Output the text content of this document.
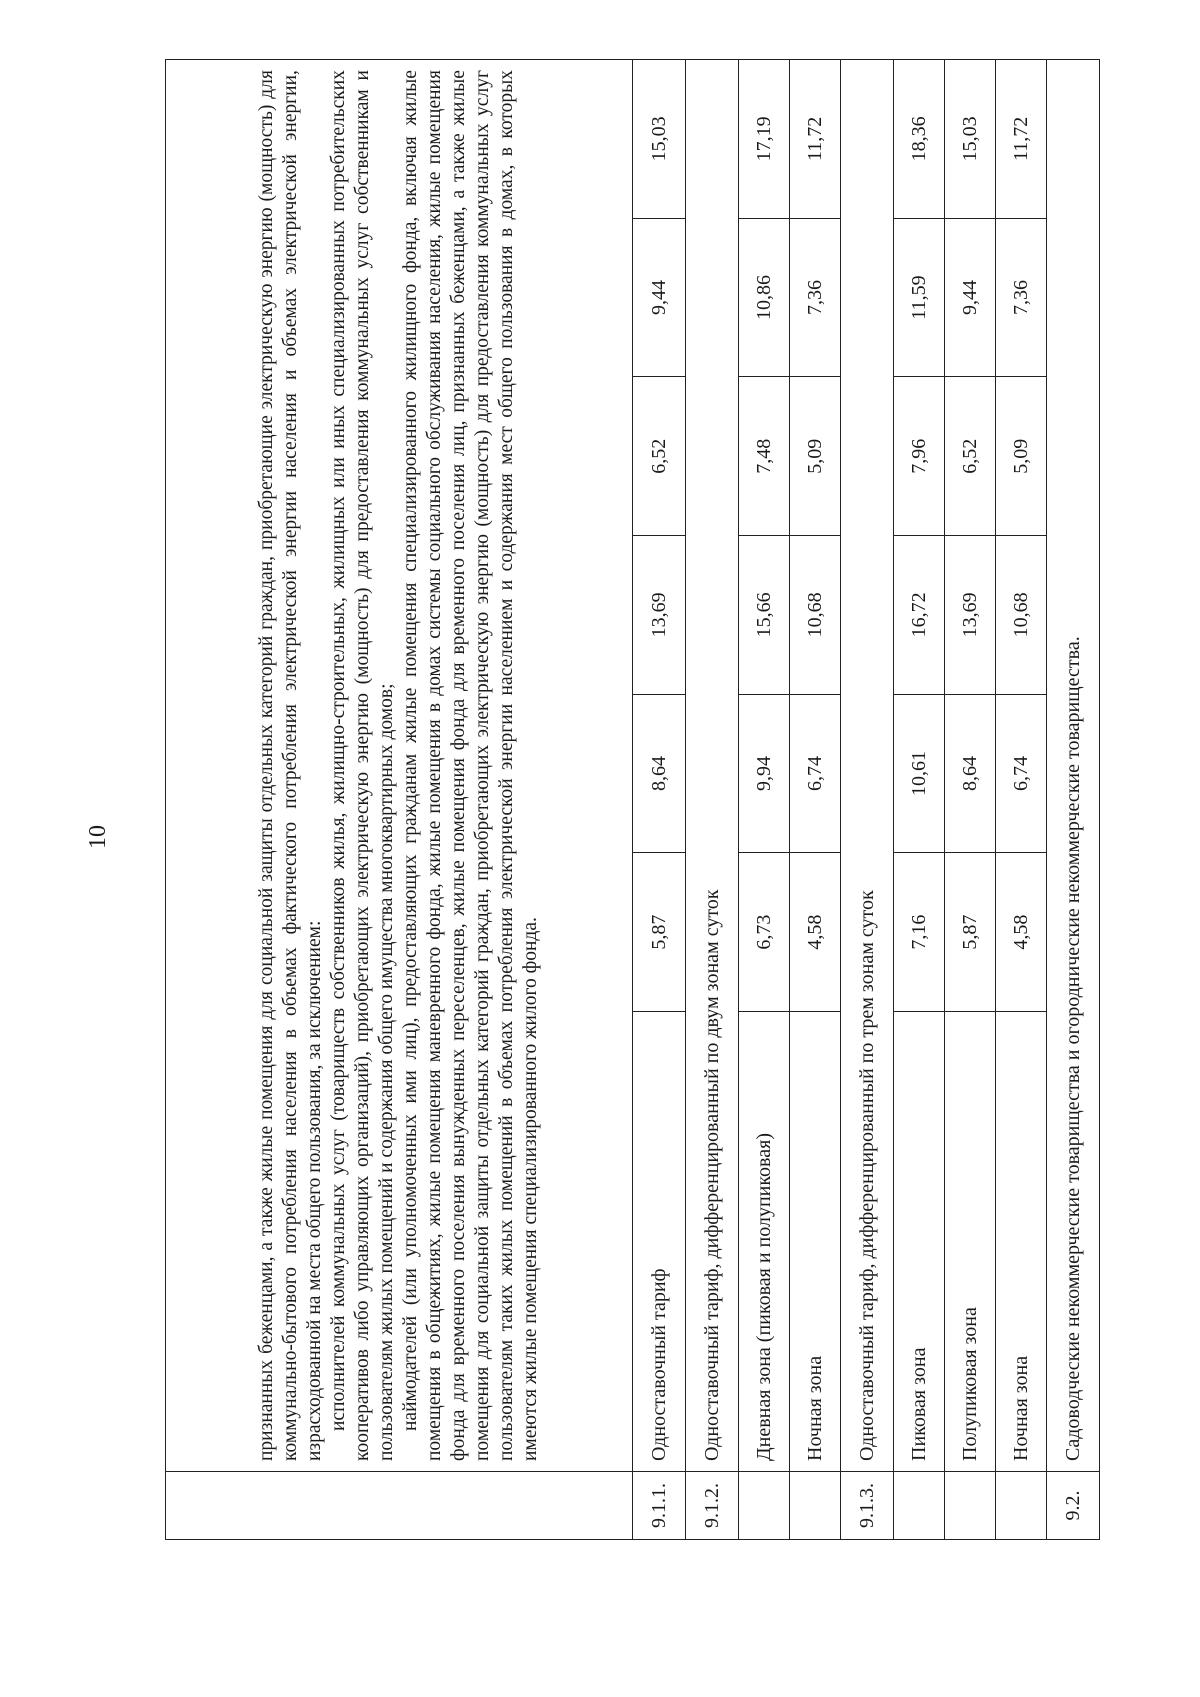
10

	признанных беженцами, а также жилые помещения для социальной защиты отдельных категорий граждан, приобретающие электрическую энергию (мощность) для коммунально-бытового потребления населения в объемах фактического потребления электрической энергии населения и объемах электрической энергии, израсходованной на места общего пользования, за исключением: исполнителей коммунальных услуг (товариществ собственников жилья, жилищно-строительных, жилищных или иных специализированных потребительских кооперативов либо управляющих организаций), приобретающих электрическую энергию (мощность) для предоставления коммунальных услуг собственникам и пользователям жилых помещений и содержания общего имущества многоквартирных домов; наймодателей (или уполномоченных ими лиц), предоставляющих гражданам жилые помещения специализированного жилищного фонда, включая жилые помещения в общежитиях, жилые помещения маневренного фонда, жилые помещения в домах системы социального обслуживания населения, жилые помещения фонда для временного поселения вынужденных переселенцев, жилые помещения фонда для временного поселения лиц, признанных беженцами, а также жилые помещения для социальной защиты отдельных категорий граждан, приобретающих электрическую энергию (мощность) для предоставления коммунальных услуг пользователям таких жилых помещений в объемах потребления электрической энергии населением и содержания мест общего пользования в домах, в которых имеются жилые помещения специализированного жилого фонда.						

9.1.1.	Одноставочный тариф	5,87	8,64	13,69	6,52	9,44	15,03
9.1.2.	Одноставочный тариф, дифференцированный по двум зонам суток						
	Дневная зона (пиковая и полупиковая)	6,73	9,94	15,66	7,48	10,86	17,19
	Ночная зона	4,58	6,74	10,68	5,09	7,36	11,72
9.1.3.	Одноставочный тариф, дифференцированный по трем зонам суток						
	Пиковая зона	7,16	10,61	16,72	7,96	11,59	18,36
	Полупиковая зона	5,87	8,64	13,69	6,52	9,44	15,03
	Ночная зона	4,58	6,74	10,68	5,09	7,36	11,72
9.2.	Садоводческие некоммерческие товарищества и огороднические некоммерческие товарищества.						
